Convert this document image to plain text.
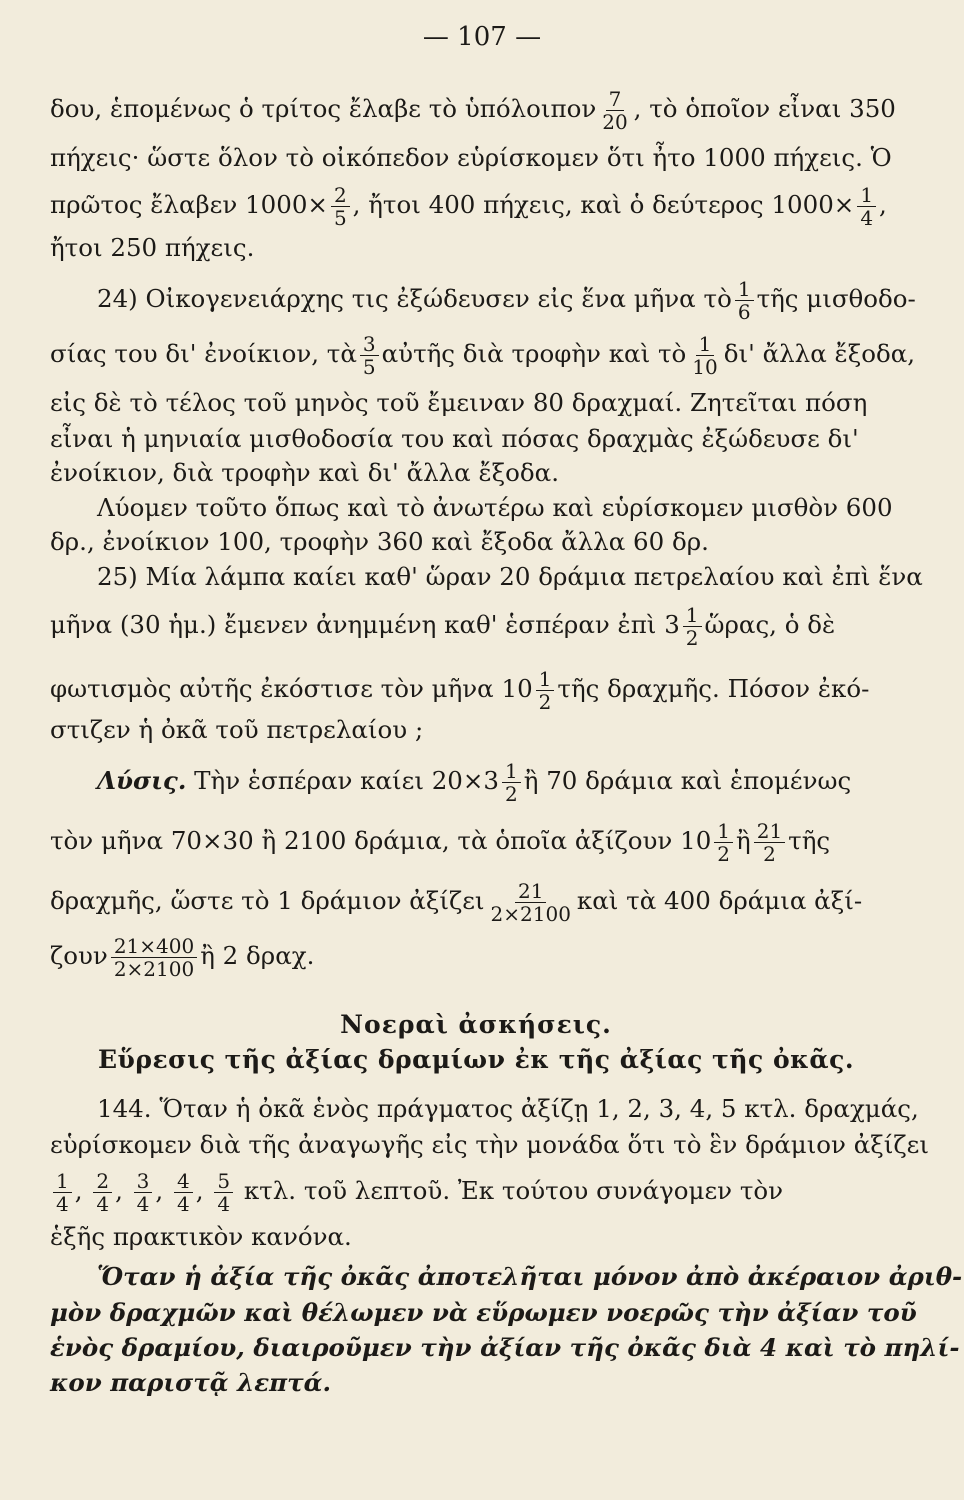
— 107 —
δου, ἑπομένως ὁ τρίτος ἔλαβε τὸ ὑπόλοιπον $\frac{7}{20}$ , τὸ ὁποῖον εἶναι 350
πήχεις· ὥστε ὅλον τὸ οἰκόπεδον εὑρίσκομεν ὅτι ἦτο 1000 πήχεις. Ὁ
πρῶτος ἔλαβεν $1000\times \frac{2}{5}$ , ἤτοι 400 πήχεις, καὶ ὁ δεύτερος $1000\times \frac{1}{4}$ ,
ἤτοι 250 πήχεις.
24) Οἰκογενειάρχης τις ἐξώδευσεν εἰς ἕνα μῆνα τὸ $\frac{1}{6}$ τῆς μισθοδο-
σίας του δι' ἐνοίκιον, τὰ $\frac{3}{5}$ αὐτῆς διὰ τροφὴν καὶ τὸ $\frac{1}{10} \delta\iota'$ ἄλλα ἔξοδα,
εἰς δὲ τὸ τέλος τοῦ μηνὸς τοῦ ἔμειναν 80 δραχμαί. Ζητεῖται πόση
εἶναι ἡ μηνιαία μισθοδοσία του καὶ πόσας δραχμὰς ἐξώδευσε δι'
ἐνοίκιον, διὰ τροφὴν καὶ δι' ἄλλα ἔξοδα.
Λύομεν τοῦτο ὅπως καὶ τὸ ἀνωτέρω καὶ εὑρίσκομεν μισθὸν 600
δρ., ἐνοίκιον 100, τροφὴν 360 καὶ ἔξοδα ἄλλα 60 δρ.
25) Μία λάμπα καίει καθ' ὥραν 20 δράμια πετρελαίου καὶ ἐπὶ ἕνα
μῆνα (30 ἡμ.) ἔμενεν ἀνημμένη καθ' ἑσπέραν ἐπὶ $3 \frac{1}{2}$ ὥρας, ὁ δὲ
φωτισμὸς αὐτῆς ἐκόστισε τὸν μῆνα $10 \frac{1}{2}$ τῆς δραχμῆς. Πόσον ἐκό-
στιζεν ἡ ὀκᾶ τοῦ πετρελαίου ;
Λύσις. Τὴν ἑσπέραν καίει $20\times 3 \frac{1}{2}$ ἢ 70 δράμια καὶ ἑπομένως
τὸν μῆνα 70×30 ἢ 2100 δράμια, τὰ ὁποῖα ἀξίζουν $10 \frac{1}{2}$ ἢ $\frac{21}{2}$ τῆς
δραχμῆς, ὥστε τὸ 1 δράμιον ἀξίζει $\frac{21}{2\times 2100}$ καὶ τὰ 400 δράμια ἀξί-
ζουν $\frac{21\times 400}{2\times 2100}$ ἢ 2 δραχ.
Νοεραὶ ἀσκήσεις.
Εὕρεσις τῆς ἀξίας δραμίων ἐκ τῆς ἀξίας τῆς ὀκᾶς.
144. Ὅταν ἡ ὀκᾶ ἑνὸς πράγματος ἀξίζῃ 1, 2, 3, 4, 5 κτλ. δραχμάς,
εὑρίσκομεν διὰ τῆς ἀναγωγῆς εἰς τὴν μονάδα ὅτι τὸ ἓν δράμιον ἀξίζει
$\frac{1}{4}$ , $\frac{2}{4}$ , $\frac{3}{4}$ , $\frac{4}{4}$ , $\frac{5}{4} \kappa\tau\lambda$. τοῦ λεπτοῦ. Ἐκ τούτου συνάγομεν τὸν
ἑξῆς πρακτικὸν κανόνα.
Ὅταν ἡ ἀξία τῆς ὀκᾶς ἀποτελῆται μόνον ἀπὸ ἀκέραιον ἀριθ-
μὸν δραχμῶν καὶ θέλωμεν νὰ εὕρωμεν νοερῶς τὴν ἀξίαν τοῦ
ἑνὸς δραμίου, διαιροῦμεν τὴν ἀξίαν τῆς ὀκᾶς διὰ 4 καὶ τὸ πηλί-
κον παριστᾷ λεπτά.
